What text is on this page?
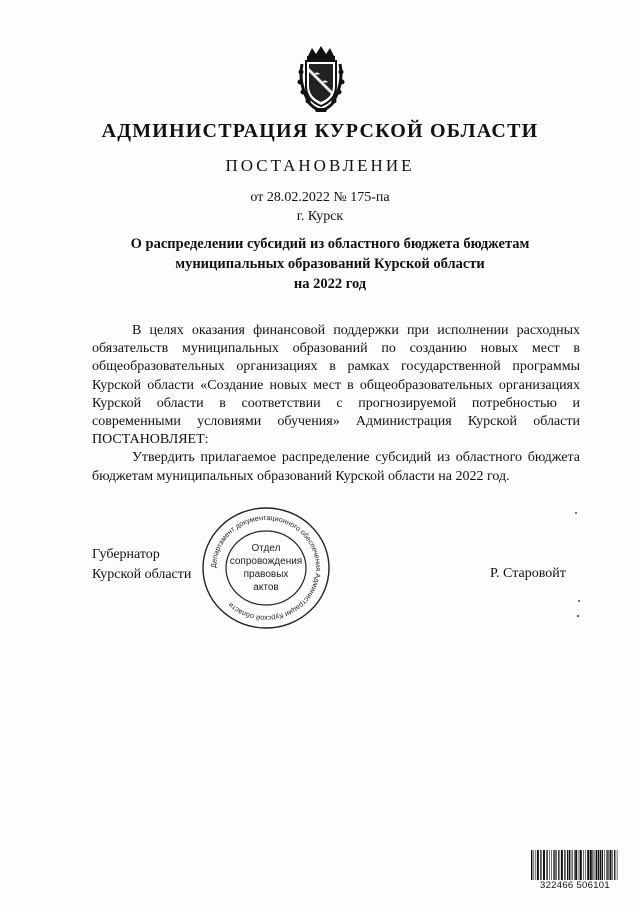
АДМИНИСТРАЦИЯ КУРСКОЙ ОБЛАСТИ
ПОСТАНОВЛЕНИЕ
от 28.02.2022 № 175-па
г. Курск
О распределении субсидий из областного бюджета бюджетам
муниципальных образований Курской области
на 2022 год

В целях оказания финансовой поддержки при исполнении расходных обязательств муниципальных образований по созданию новых мест в общеобразовательных организациях в рамках государственной программы Курской области «Создание новых мест в общеобразовательных организациях Курской области в соответствии с прогнозируемой потребностью и современными условиями обучения» Администрация Курской области ПОСТАНОВЛЯЕТ:

Утвердить прилагаемое распределение субсидий из областного бюджета бюджетам муниципальных образований Курской области на 2022 год.

Губернатор
Курской области	Р. Старовойт
Департамент документационного обеспечения Администрации Курской области
Отдел
сопровождения
правовых
актов
322466 506101
